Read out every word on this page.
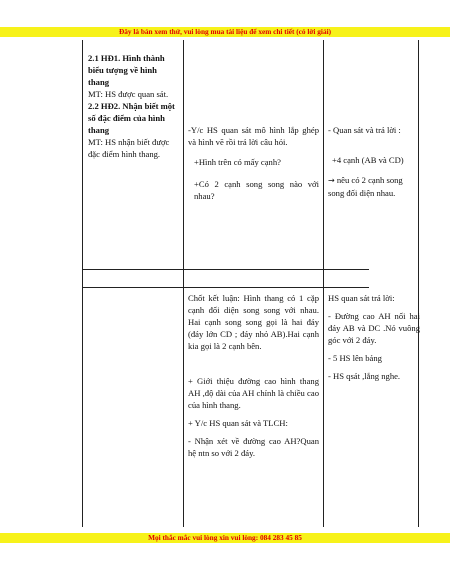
Đây là bản xem thử, vui lòng mua tài liệu để xem chi tiết (có lời giải)
2.1 HĐ1. Hình thành biểu tượng về hình thang
MT: HS được quan sát.
2.2 HĐ2. Nhận biết một số đặc điểm của hình thang
MT: HS nhận biết được đặc điểm hình thang.
-Y/c HS quan sát mô hình lắp ghép và hình vẽ rồi trả lời câu hỏi.
+Hình trên có mấy cạnh?
+Có 2 cạnh song song nào với nhau?
- Quan sát và trả lời :
+4 cạnh (AB và CD)
→ nêu có 2 cạnh song song đối diện nhau.
Chốt kết luận: Hình thang có 1 cặp cạnh đối diện song song với nhau. Hai cạnh song song gọi là hai đáy (đáy lớn CD ; đáy nhỏ AB).Hai cạnh kia gọi là 2 cạnh bên.
+ Giới thiệu đường cao hình thang AH ,độ dài của AH chính là chiều cao của hình thang.
+ Y/c HS quan sát và TLCH:
- Nhận xét về đường cao AH?Quan hệ ntn so với 2 đáy.
HS quan sát trả lời:
- Đường cao AH nối hai đáy AB và DC .Nó vuông góc với 2 đáy.
- 5 HS lên bảng
- HS qsát ,lắng nghe.
Mọi thắc mắc vui lòng xin vui lòng: 084 283 45 85
